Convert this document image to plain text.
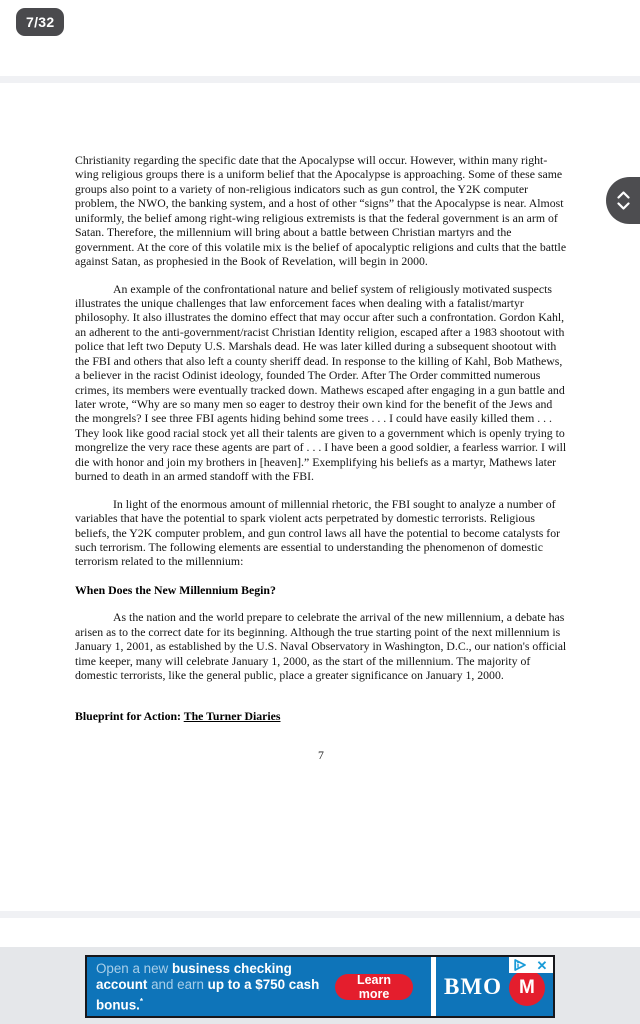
7/32

Christianity regarding the specific date that the Apocalypse will occur. However, within many right-wing religious groups there is a uniform belief that the Apocalypse is approaching. Some of these same groups also point to a variety of non-religious indicators such as gun control, the Y2K computer problem, the NWO, the banking system, and a host of other “signs” that the Apocalypse is near. Almost uniformly, the belief among right-wing religious extremists is that the federal government is an arm of Satan. Therefore, the millennium will bring about a battle between Christian martyrs and the government. At the core of this volatile mix is the belief of apocalyptic religions and cults that the battle against Satan, as prophesied in the Book of Revelation, will begin in 2000.

An example of the confrontational nature and belief system of religiously motivated suspects illustrates the unique challenges that law enforcement faces when dealing with a fatalist/martyr philosophy. It also illustrates the domino effect that may occur after such a confrontation. Gordon Kahl, an adherent to the anti-government/racist Christian Identity religion, escaped after a 1983 shootout with police that left two Deputy U.S. Marshals dead. He was later killed during a subsequent shootout with the FBI and others that also left a county sheriff dead. In response to the killing of Kahl, Bob Mathews, a believer in the racist Odinist ideology, founded The Order. After The Order committed numerous crimes, its members were eventually tracked down. Mathews escaped after engaging in a gun battle and later wrote, “Why are so many men so eager to destroy their own kind for the benefit of the Jews and the mongrels? I see three FBI agents hiding behind some trees . . . I could have easily killed them . . . They look like good racial stock yet all their talents are given to a government which is openly trying to mongrelize the very race these agents are part of . . . I have been a good soldier, a fearless warrior. I will die with honor and join my brothers in [heaven].” Exemplifying his beliefs as a martyr, Mathews later burned to death in an armed standoff with the FBI.

In light of the enormous amount of millennial rhetoric, the FBI sought to analyze a number of variables that have the potential to spark violent acts perpetrated by domestic terrorists. Religious beliefs, the Y2K computer problem, and gun control laws all have the potential to become catalysts for such terrorism. The following elements are essential to understanding the phenomenon of domestic terrorism related to the millennium:

When Does the New Millennium Begin?

As the nation and the world prepare to celebrate the arrival of the new millennium, a debate has arisen as to the correct date for its beginning. Although the true starting point of the next millennium is January 1, 2001, as established by the U.S. Naval Observatory in Washington, D.C., our nation's official time keeper, many will celebrate January 1, 2000, as the start of the millennium. The majority of domestic terrorists, like the general public, place a greater significance on January 1, 2000.

Blueprint for Action: The Turner Diaries
7
Open a new business checking account and earn up to a $750 cash bonus.*
Learn more	BMO M
✕
